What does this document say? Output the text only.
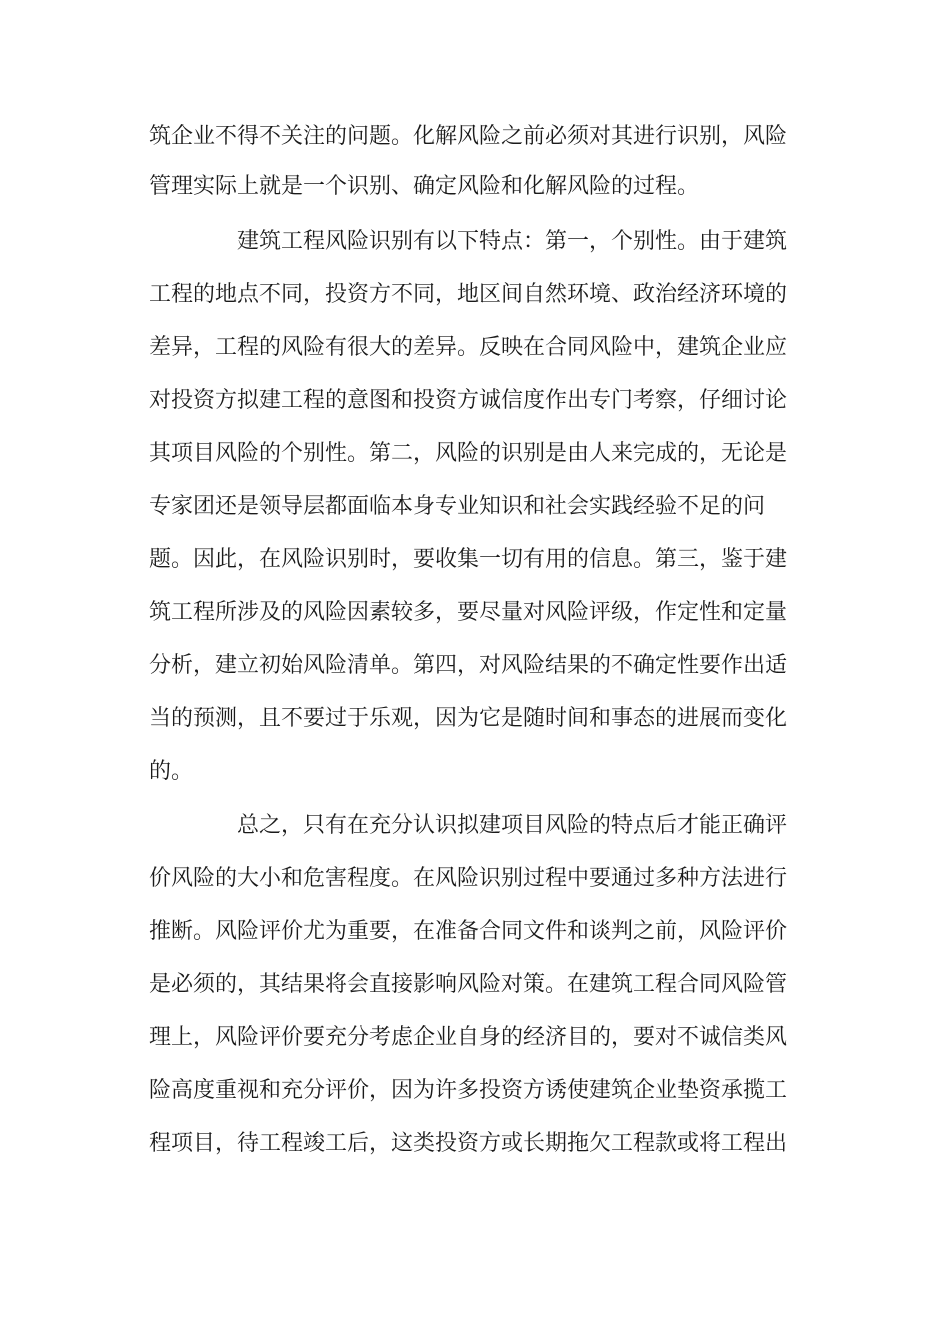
筑企业不得不关注的问题。化解风险之前必须对其进行识别，风险
管理实际上就是一个识别、确定风险和化解风险的过程。
建筑工程风险识别有以下特点：第一，个别性。由于建筑
工程的地点不同，投资方不同，地区间自然环境、政治经济环境的
差异，工程的风险有很大的差异。反映在合同风险中，建筑企业应
对投资方拟建工程的意图和投资方诚信度作出专门考察，仔细讨论
其项目风险的个别性。第二，风险的识别是由人来完成的，无论是
专家团还是领导层都面临本身专业知识和社会实践经验不足的问
题。因此，在风险识别时，要收集一切有用的信息。第三，鉴于建
筑工程所涉及的风险因素较多，要尽量对风险评级，作定性和定量
分析，建立初始风险清单。第四，对风险结果的不确定性要作出适
当的预测，且不要过于乐观，因为它是随时间和事态的进展而变化
的。
总之，只有在充分认识拟建项目风险的特点后才能正确评
价风险的大小和危害程度。在风险识别过程中要通过多种方法进行
推断。风险评价尤为重要，在准备合同文件和谈判之前，风险评价
是必须的，其结果将会直接影响风险对策。在建筑工程合同风险管
理上，风险评价要充分考虑企业自身的经济目的，要对不诚信类风
险高度重视和充分评价，因为许多投资方诱使建筑企业垫资承揽工
程项目，待工程竣工后，这类投资方或长期拖欠工程款或将工程出
